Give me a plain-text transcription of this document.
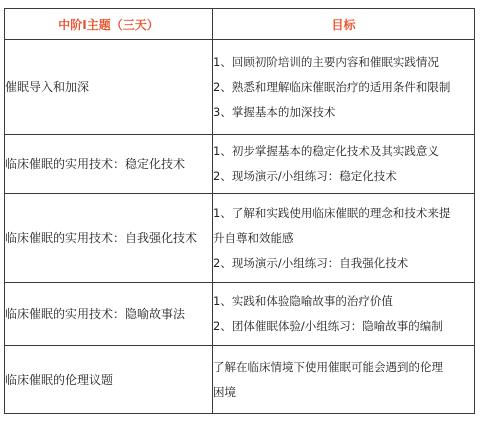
中阶Ⅰ主题（三天）	目标
催眠导入和加深	1、回顾初阶培训的主要内容和催眠实践情况
2、熟悉和理解临床催眠治疗的适用条件和限制
3、掌握基本的加深技术

临床催眠的实用技术：稳定化技术	1、初步掌握基本的稳定化技术及其实践意义
2、现场演示/小组练习：稳定化技术

临床催眠的实用技术：自我强化技术	1、了解和实践使用临床催眠的理念和技术来提
升自尊和效能感
2、现场演示/小组练习：自我强化技术

临床催眠的实用技术：隐喻故事法	1、实践和体验隐喻故事的治疗价值
2、团体催眠体验/小组练习：隐喻故事的编制

临床催眠的伦理议题	了解在临床情境下使用催眠可能会遇到的伦理
困境
